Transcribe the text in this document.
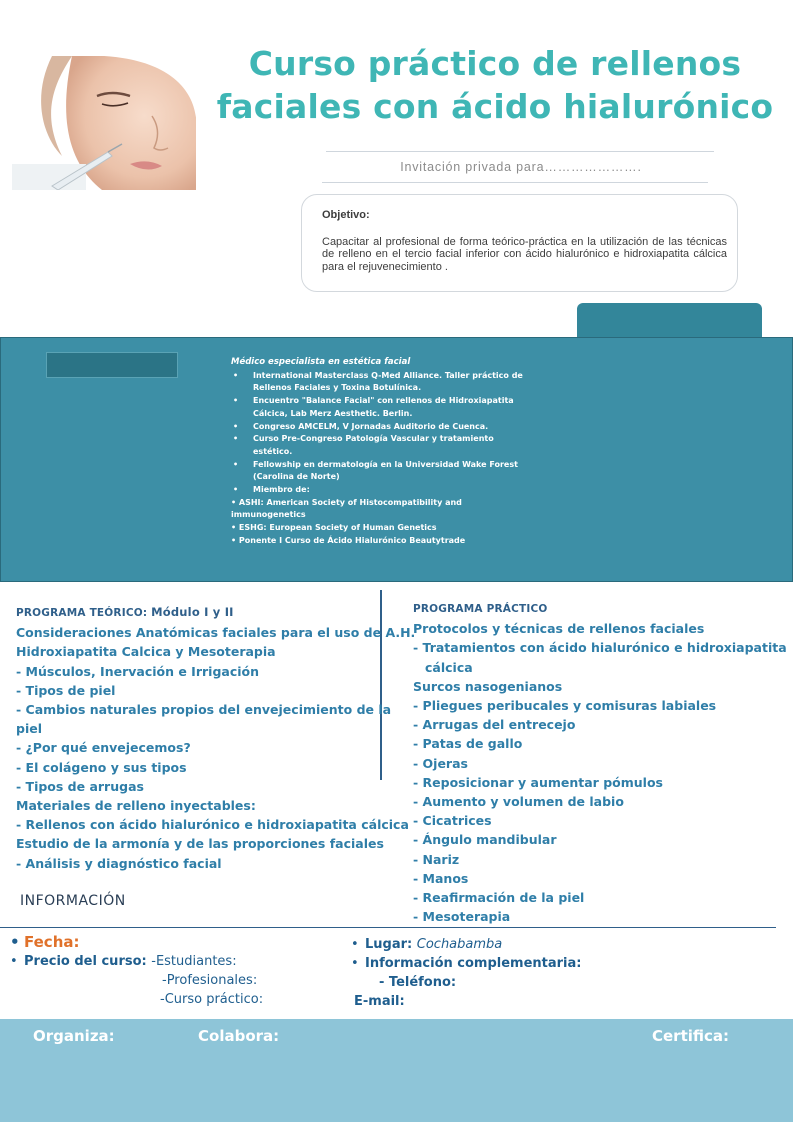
Curso práctico de rellenos
faciales con ácido hialurónico
Invitación privada para………………….
Objetivo:
Capacitar al profesional de forma teórico-práctica en la utilización de las técnicas de relleno en el tercio facial inferior con ácido hialurónico e hidroxiapatita cálcica para el rejuvenecimiento .
Médico especialista en estética facial
• International Masterclass Q-Med Alliance. Taller práctico de Rellenos Faciales y Toxina Botulínica.
• Encuentro "Balance Facial" con rellenos de Hidroxiapatita Cálcica, Lab Merz Aesthetic. Berlin.
• Congreso AMCELM, V Jornadas Auditorio de Cuenca.
• Curso Pre-Congreso Patología Vascular y tratamiento estético.
• Fellowship en dermatología en la Universidad Wake Forest (Carolina de Norte)
• Miembro de:
• ASHI: American Society of Histocompatibility and immunogenetics
• ESHG: European Society of Human Genetics
• Ponente I Curso de Ácido Hialurónico Beautytrade
PROGRAMA TEÓRICO: Módulo I y II
Consideraciones Anatómicas faciales para el uso de A.H.
Hidroxiapatita Calcica y Mesoterapia
- Músculos, Inervación e Irrigación
- Tipos de piel
- Cambios naturales propios del envejecimiento de la
piel
- ¿Por qué envejecemos?
- El colágeno y sus tipos
- Tipos de arrugas
Materiales de relleno inyectables:
- Rellenos con ácido hialurónico e hidroxiapatita cálcica
Estudio de la armonía y de las proporciones faciales
- Análisis y diagnóstico facial
PROGRAMA PRÁCTICO
Protocolos y técnicas de rellenos faciales
- Tratamientos con ácido hialurónico e hidroxiapatita
cálcica
Surcos nasogenianos
- Pliegues peribucales y comisuras labiales
- Arrugas del entrecejo
- Patas de gallo
- Ojeras
- Reposicionar y aumentar pómulos
- Aumento y volumen de labio
- Cicatrices
- Ángulo mandibular
- Nariz
- Manos
- Reafirmación de la piel
- Mesoterapia
INFORMACIÓN
• Fecha:
• Precio del curso: -Estudiantes:
-Profesionales:
-Curso práctico:
• Lugar: Cochabamba
• Información complementaria:
- Teléfono:
E-mail:
Organiza:	Colabora:	Certifica:
